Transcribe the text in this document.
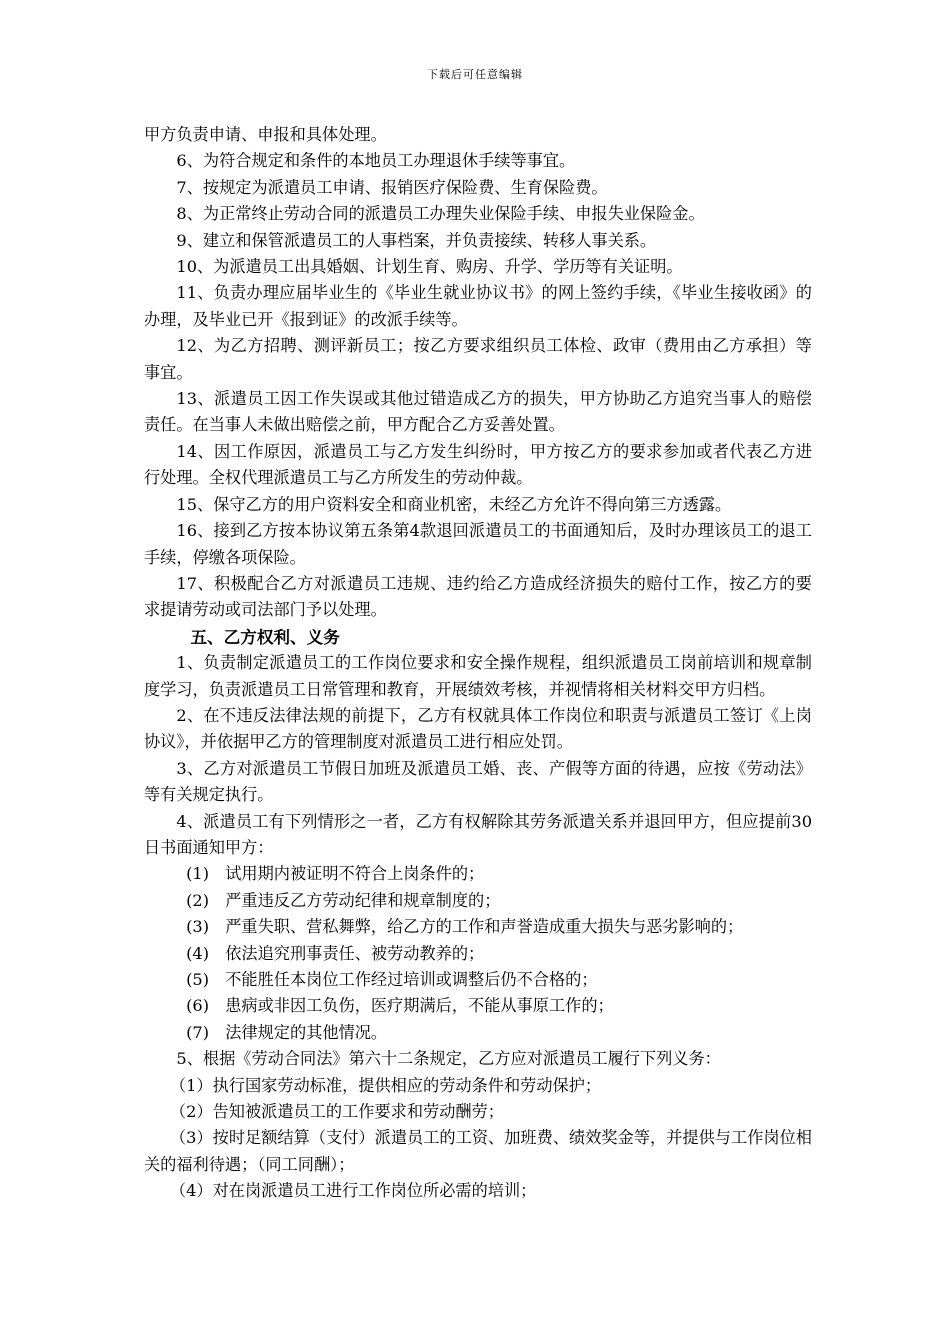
下载后可任意编辑

甲方负责申请、申报和具体处理。

6、为符合规定和条件的本地员工办理退休手续等事宜。

7、按规定为派遣员工申请、报销医疗保险费、生育保险费。

8、为正常终止劳动合同的派遣员工办理失业保险手续、申报失业保险金。

9、建立和保管派遣员工的人事档案，并负责接续、转移人事关系。

10、为派遣员工出具婚姻、计划生育、购房、升学、学历等有关证明。

11、负责办理应届毕业生的《毕业生就业协议书》的网上签约手续，《毕业生接收函》的办理，及毕业已开《报到证》的改派手续等。

12、为乙方招聘、测评新员工；按乙方要求组织员工体检、政审（费用由乙方承担）等事宜。

13、派遣员工因工作失误或其他过错造成乙方的损失，甲方协助乙方追究当事人的赔偿责任。在当事人未做出赔偿之前，甲方配合乙方妥善处置。

14、因工作原因，派遣员工与乙方发生纠纷时，甲方按乙方的要求参加或者代表乙方进行处理。全权代理派遣员工与乙方所发生的劳动仲裁。

15、保守乙方的用户资料安全和商业机密，未经乙方允许不得向第三方透露。

16、接到乙方按本协议第五条第4款退回派遣员工的书面通知后，及时办理该员工的退工手续，停缴各项保险。

17、积极配合乙方对派遣员工违规、违约给乙方造成经济损失的赔付工作，按乙方的要求提请劳动或司法部门予以处理。

五、乙方权利、义务

1、负责制定派遣员工的工作岗位要求和安全操作规程，组织派遣员工岗前培训和规章制度学习，负责派遣员工日常管理和教育，开展绩效考核，并视情将相关材料交甲方归档。

2、在不违反法律法规的前提下，乙方有权就具体工作岗位和职责与派遣员工签订《上岗协议》，并依据甲乙方的管理制度对派遣员工进行相应处罚。

3、乙方对派遣员工节假日加班及派遣员工婚、丧、产假等方面的待遇，应按《劳动法》等有关规定执行。

4、派遣员工有下列情形之一者，乙方有权解除其劳务派遣关系并退回甲方，但应提前30日书面通知甲方：

(1)　试用期内被证明不符合上岗条件的；

(2)　严重违反乙方劳动纪律和规章制度的；

(3)　严重失职、营私舞弊，给乙方的工作和声誉造成重大损失与恶劣影响的；

(4)　依法追究刑事责任、被劳动教养的；

(5)　不能胜任本岗位工作经过培训或调整后仍不合格的；

(6)　患病或非因工负伤，医疗期满后，不能从事原工作的；

(7)　法律规定的其他情况。

5、根据《劳动合同法》第六十二条规定，乙方应对派遣员工履行下列义务：

（1）执行国家劳动标准，提供相应的劳动条件和劳动保护；

（2）告知被派遣员工的工作要求和劳动酬劳；

（3）按时足额结算（支付）派遣员工的工资、加班费、绩效奖金等，并提供与工作岗位相关的福利待遇；（同工同酬）；

（4）对在岗派遣员工进行工作岗位所必需的培训；
